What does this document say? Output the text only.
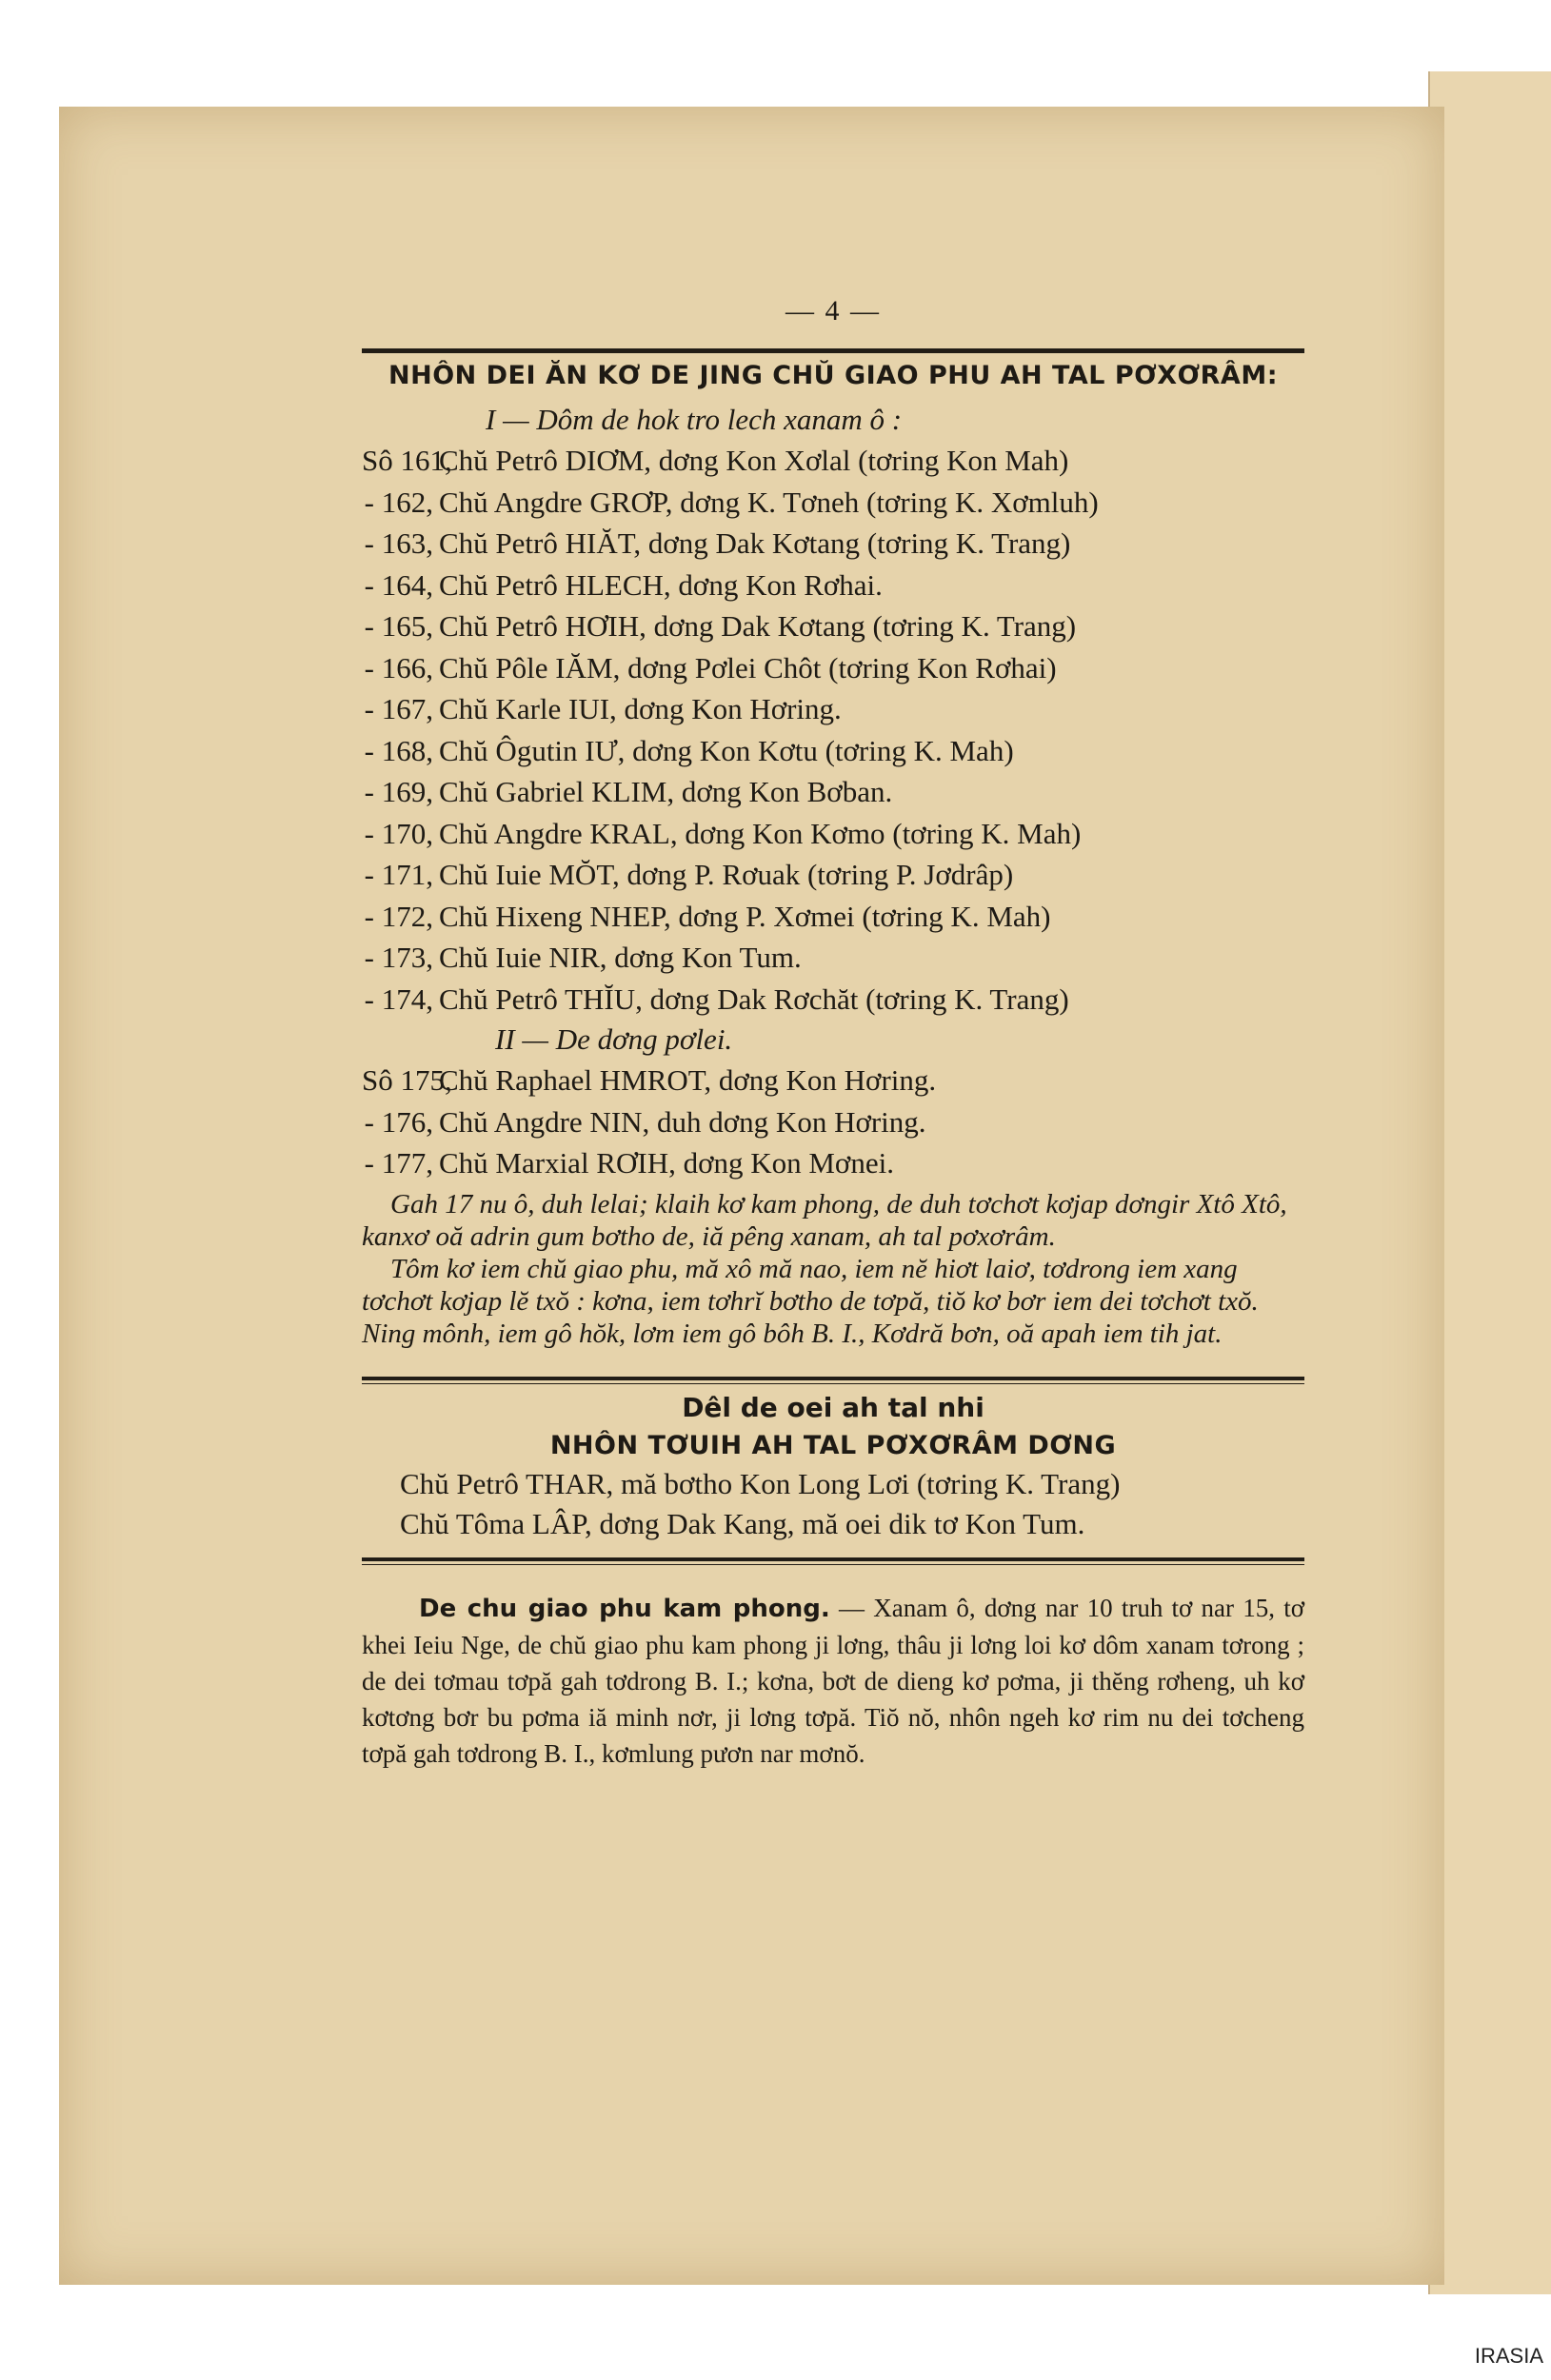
— 4 —
NHÔN DEI ĂN KƠ DE JING CHŬ GIAO PHU AH TAL PƠXƠRÂM:
I — Dôm de hok tro lech xanam ô :
Sô 161,Chŭ Petrô DIƠM, dơng Kon Xơlal (tơring Kon Mah)
- 162, Chŭ Angdre GRƠP, dơng K. Tơneh (tơring K. Xơmluh)
- 163, Chŭ Petrô HIĂT, dơng Dak Kơtang (tơring K. Trang)
- 164, Chŭ Petrô HLECH, dơng Kon Rơhai.
- 165, Chŭ Petrô HƠIH, dơng Dak Kơtang (tơring K. Trang)
- 166, Chŭ Pôle IĂM, dơng Pơlei Chôt (tơring Kon Rơhai)
- 167, Chŭ Karle IUI, dơng Kon Hơring.
- 168, Chŭ Ôgutin IƯ, dơng Kon Kơtu (tơring K. Mah)
- 169, Chŭ Gabriel KLIM, dơng Kon Bơban.
- 170, Chŭ Angdre KRAL, dơng Kon Kơmo (tơring K. Mah)
- 171, Chŭ Iuie MŎT, dơng P. Rơuak (tơring P. Jơdrâp)
- 172, Chŭ Hixeng NHEP, dơng P. Xơmei (tơring K. Mah)
- 173, Chŭ Iuie NIR, dơng Kon Tum.
- 174, Chŭ Petrô THĬU, dơng Dak Rơchăt (tơring K. Trang)
II — De dơng pơlei.
Sô 175,Chŭ Raphael HMROT, dơng Kon Hơring.
- 176, Chŭ Angdre NIN, duh dơng Kon Hơring.
- 177, Chŭ Marxial RƠIH, dơng Kon Mơnei.

Gah 17 nu ô, duh lelai; klaih kơ kam phong, de duh tơchơt kơjap dơngir Xtô Xtô, kanxơ oă adrin gum bơtho de, iă pêng xanam, ah tal pơxơrâm.

Tôm kơ iem chŭ giao phu, mă xô mă nao, iem nĕ hiơt laiơ, tơdrong iem xang tơchơt kơjap lĕ txŏ : kơna, iem tơhrĭ bơtho de tơpă, tiŏ kơ bơr iem dei tơchơt txŏ. Ning mônh, iem gô hŏk, lơm iem gô bôh B. I., Kơdră bơn, oă apah iem tih jat.

Dêl de oei ah tal nhi
NHÔN TƠUIH AH TAL PƠXƠRÂM DƠNG
Chŭ Petrô THAR, mă bơtho Kon Long Lơi (tơring K. Trang)
Chŭ Tôma LÂP, dơng Dak Kang, mă oei dik tơ Kon Tum.
De chu giao phu kam phong. — Xanam ô, dơng nar 10 truh tơ nar 15, tơ khei Ieiu Nge, de chŭ giao phu kam phong ji lơng, thâu ji lơng loi kơ dôm xanam tơrong ; de dei tơmau tơpă gah tơdrong B. I.; kơna, bơt de dieng kơ pơma, ji thĕng rơheng, uh kơ kơtơng bơr bu pơma iă minh nơr, ji lơng tơpă. Tiŏ nŏ, nhôn ngeh kơ rim nu dei tơcheng tơpă gah tơdrong B. I., kơmlung pươn nar mơnŏ.
IRASIA
